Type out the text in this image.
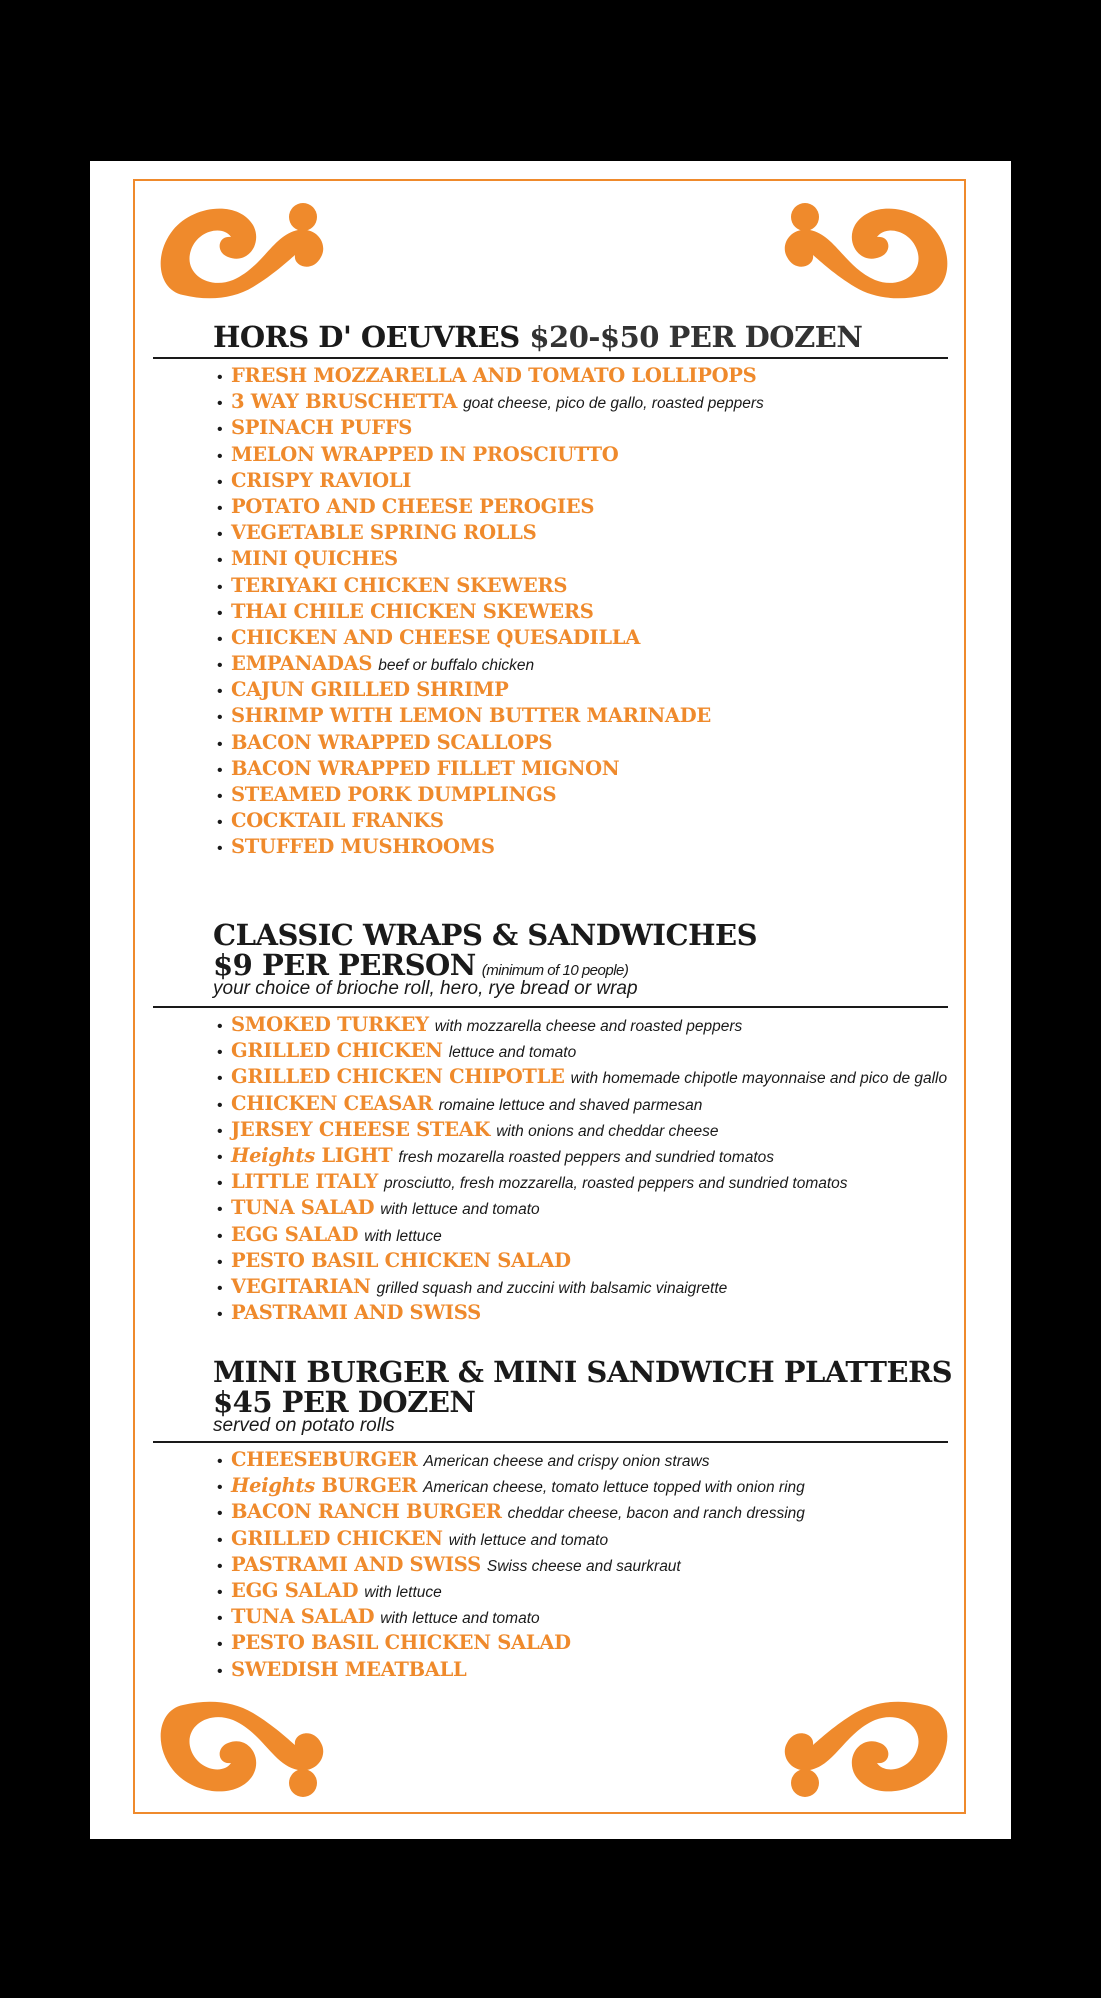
HORS D' OEUVRES $20-$50 PER DOZEN
• FRESH MOZZARELLA AND TOMATO LOLLIPOPS
• 3 WAY BRUSCHETTA goat cheese, pico de gallo, roasted peppers
• SPINACH PUFFS
• MELON WRAPPED IN PROSCIUTTO
• CRISPY RAVIOLI
• POTATO AND CHEESE PEROGIES
• VEGETABLE SPRING ROLLS
• MINI QUICHES
• TERIYAKI CHICKEN SKEWERS
• THAI CHILE CHICKEN SKEWERS
• CHICKEN AND CHEESE QUESADILLA
• EMPANADAS beef or buffalo chicken
• CAJUN GRILLED SHRIMP
• SHRIMP WITH LEMON BUTTER MARINADE
• BACON WRAPPED SCALLOPS
• BACON WRAPPED FILLET MIGNON
• STEAMED PORK DUMPLINGS
• COCKTAIL FRANKS
• STUFFED MUSHROOMS
CLASSIC WRAPS & SANDWICHES
$9 PER PERSON (minimum of 10 people)
your choice of brioche roll, hero, rye bread or wrap
• SMOKED TURKEY with mozzarella cheese and roasted peppers
• GRILLED CHICKEN lettuce and tomato
• GRILLED CHICKEN CHIPOTLE with homemade chipotle mayonnaise and pico de gallo
• CHICKEN CEASAR romaine lettuce and shaved parmesan
• JERSEY CHEESE STEAK with onions and cheddar cheese
• Heights LIGHT fresh mozarella roasted peppers and sundried tomatos
• LITTLE ITALY prosciutto, fresh mozzarella, roasted peppers and sundried tomatos
• TUNA SALAD with lettuce and tomato
• EGG SALAD with lettuce
• PESTO BASIL CHICKEN SALAD
• VEGITARIAN grilled squash and zuccini with balsamic vinaigrette
• PASTRAMI AND SWISS
MINI BURGER & MINI SANDWICH PLATTERS
$45 PER DOZEN
served on potato rolls
• CHEESEBURGER American cheese and crispy onion straws
• Heights BURGER American cheese, tomato lettuce topped with onion ring
• BACON RANCH BURGER cheddar cheese, bacon and ranch dressing
• GRILLED CHICKEN with lettuce and tomato
• PASTRAMI AND SWISS Swiss cheese and saurkraut
• EGG SALAD with lettuce
• TUNA SALAD with lettuce and tomato
• PESTO BASIL CHICKEN SALAD
• SWEDISH MEATBALL
